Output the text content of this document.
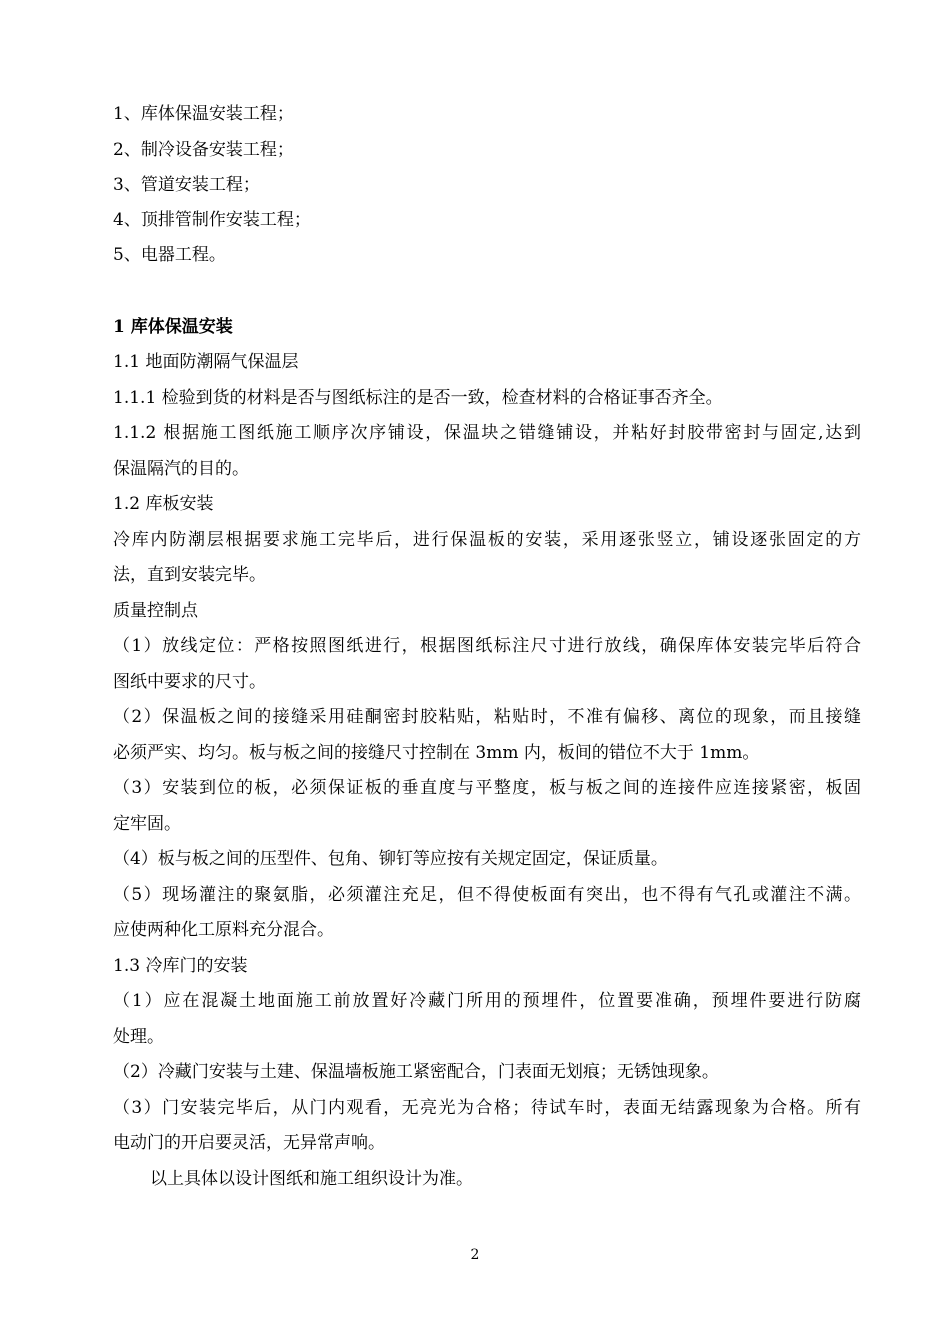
1、库体保温安装工程；
2、制冷设备安装工程；
3、管道安装工程；
4、顶排管制作安装工程；
5、电器工程。
1 库体保温安装
1.1 地面防潮隔气保温层
1.1.1 检验到货的材料是否与图纸标注的是否一致，检查材料的合格证事否齐全。
1.1.2 根据施工图纸施工顺序次序铺设，保温块之错缝铺设，并粘好封胶带密封与固定,达到
保温隔汽的目的。
1.2 库板安装
冷库内防潮层根据要求施工完毕后，进行保温板的安装，采用逐张竖立，铺设逐张固定的方
法，直到安装完毕。
质量控制点
（1）放线定位：严格按照图纸进行，根据图纸标注尺寸进行放线，确保库体安装完毕后符合
图纸中要求的尺寸。
（2）保温板之间的接缝采用硅酮密封胶粘贴，粘贴时，不准有偏移、离位的现象，而且接缝
必须严实、均匀。板与板之间的接缝尺寸控制在 3mm 内，板间的错位不大于 1mm。
（3）安装到位的板，必须保证板的垂直度与平整度，板与板之间的连接件应连接紧密，板固
定牢固。
（4）板与板之间的压型件、包角、铆钉等应按有关规定固定，保证质量。
（5）现场灌注的聚氨脂，必须灌注充足，但不得使板面有突出，也不得有气孔或灌注不满。
应使两种化工原料充分混合。
1.3 冷库门的安装
（1）应在混凝土地面施工前放置好冷藏门所用的预埋件，位置要准确，预埋件要进行防腐
处理。
（2）冷藏门安装与土建、保温墙板施工紧密配合，门表面无划痕；无锈蚀现象。
（3）门安装完毕后，从门内观看，无亮光为合格；待试车时，表面无结露现象为合格。所有
电动门的开启要灵活，无异常声响。
以上具体以设计图纸和施工组织设计为准。
2
